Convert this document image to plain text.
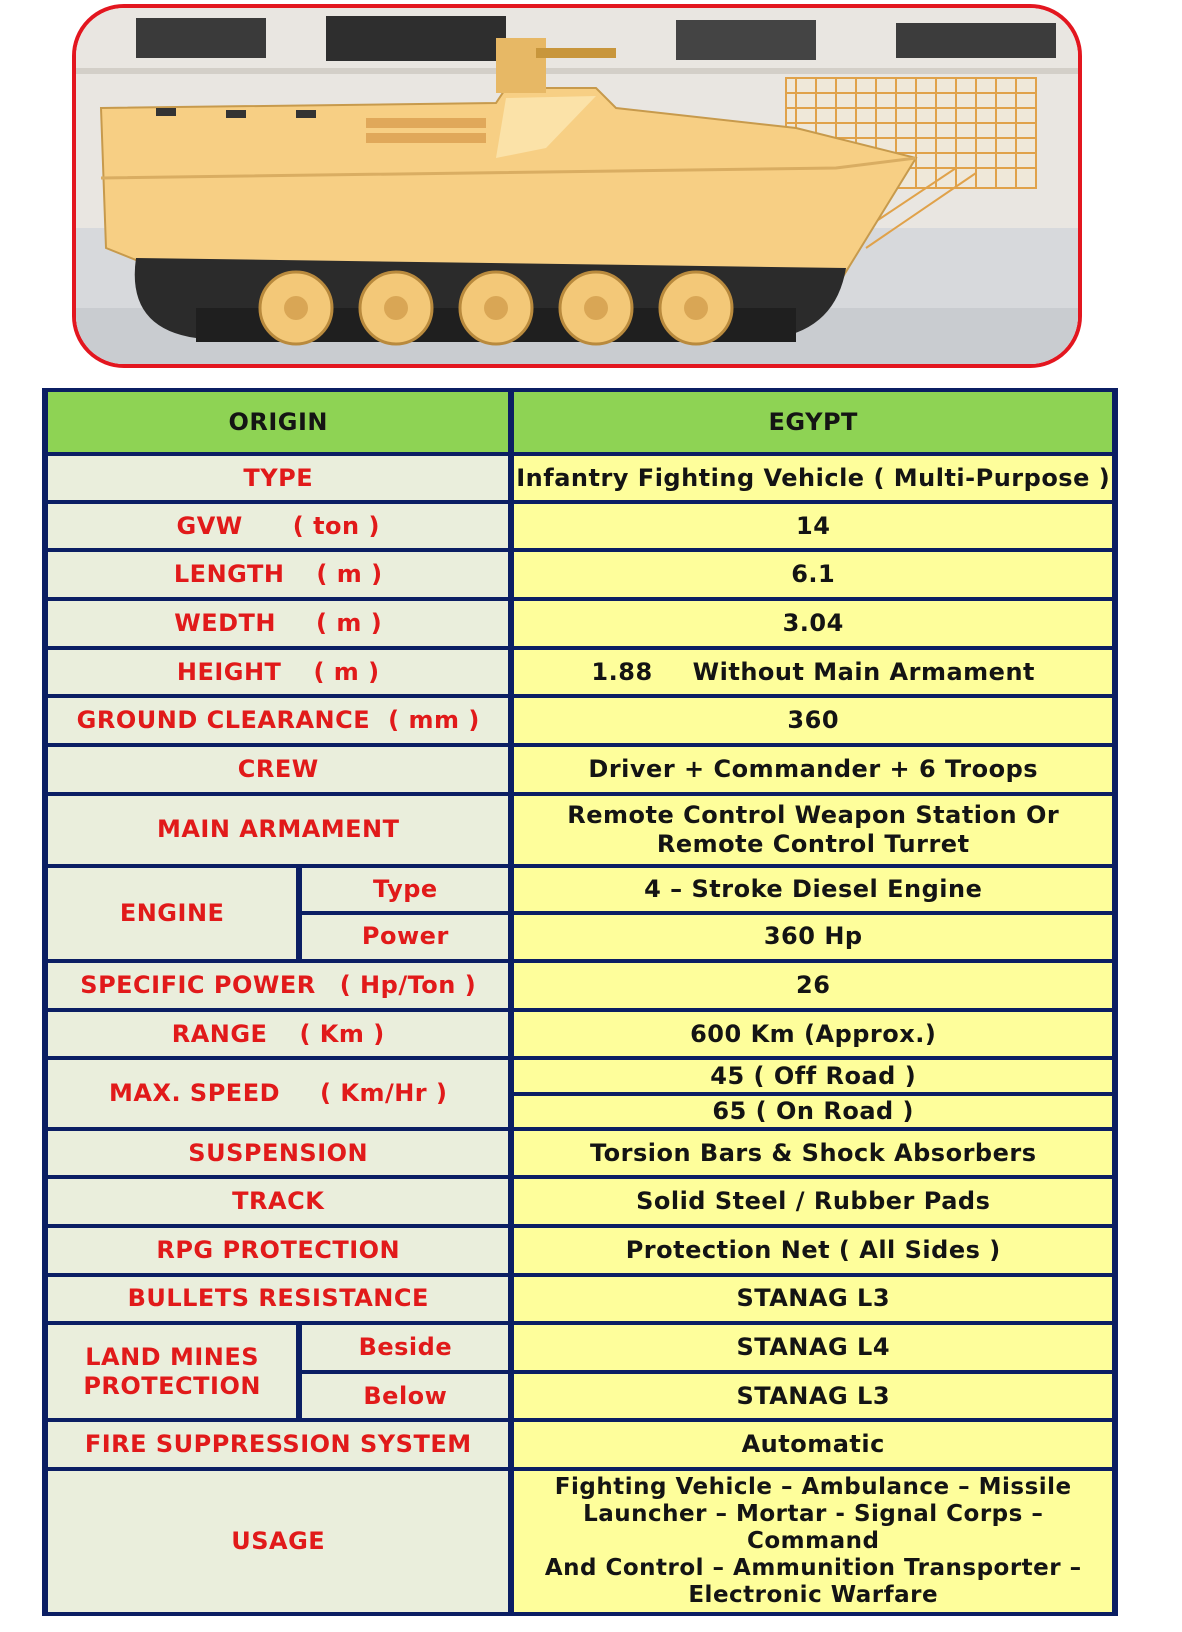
ORIGIN		EGYPT
TYPE		Infantry Fighting Vehicle ( Multi-Purpose )
GVW ( ton )		14
LENGTH ( m )		6.1
WEDTH ( m )		3.04
HEIGHT ( m )		1.88 Without Main Armament
GROUND CLEARANCE ( mm )		360
CREW		Driver + Commander + 6 Troops
MAIN ARMAMENT		Remote Control Weapon Station Or
Remote Control Turret

ENGINE	Type	4 – Stroke Diesel Engine
	Power	360 Hp
SPECIFIC POWER ( Hp/Ton )		26
RANGE ( Km )		600 Km (Approx.)
MAX. SPEED ( Km/Hr )		45 ( Off Road )
		65 ( On Road )
SUSPENSION		Torsion Bars & Shock Absorbers
TRACK		Solid Steel / Rubber Pads
RPG PROTECTION		Protection Net ( All Sides )
BULLETS RESISTANCE		STANAG L3

LAND MINES
PROTECTION	Beside	STANAG L4
	Below	STANAG L3
FIRE SUPPRESSION SYSTEM		Automatic
USAGE		Fighting Vehicle – Ambulance – Missile
Launcher – Mortar - Signal Corps – Command
And Control – Ammunition Transporter –
Electronic Warfare
